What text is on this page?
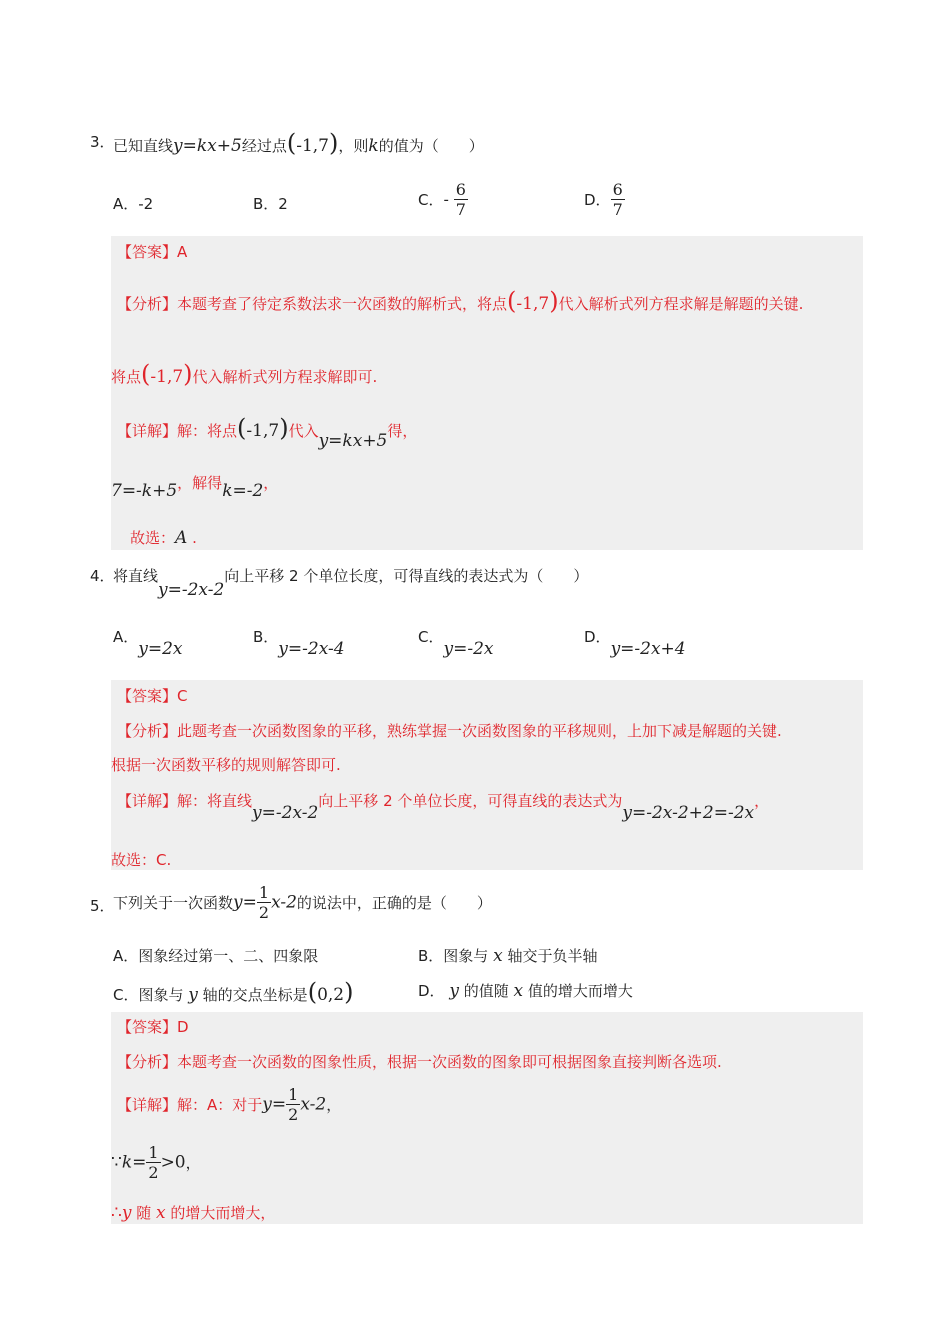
3．
已知直线y=kx+5经过点(-1,7)，则k的值为（　　）
A．-2	B．2	C．- $\frac{6}{7}$	D． $\frac{6}{7}$
【答案】A
【分析】本题考查了待定系数法求一次函数的解析式，将点(-1,7)代入解析式列方程求解是解题的关键.
将点(-1,7)代入解析式列方程求解即可.
【详解】解：将点(-1,7)代入y=kx+5得，
7=-k+5，解得k=-2，
故选：A .
4．
将直线y=-2x-2向上平移 2 个单位长度，可得直线的表达式为（　　）
A．y=2x
B．y=-2x-4
C．y=-2x
D．y=-2x+4
【答案】C
【分析】此题考查一次函数图象的平移，熟练掌握一次函数图象的平移规则，上加下减是解题的关键.
根据一次函数平移的规则解答即可.
【详解】解：将直线y=-2x-2向上平移 2 个单位长度，可得直线的表达式为y=-2x-2+2=-2x，
故选：C.
5．
下列关于一次函数$y= \frac{1}{2} x-2$的说法中，正确的是（　　）
A．图象经过第一、二、四象限	B．图象与 x 轴交于负半轴
C．图象与 y 轴的交点坐标是(0,2)	D． y 的值随 x 值的增大而增大
【答案】D
【分析】本题考查一次函数的图象性质，根据一次函数的图象即可根据图象直接判断各选项.
【详解】解：A：对于$y= \frac{1}{2} x-2$，
∵k= $\frac{1}{2} >0$，
∴y 随 x 的增大而增大，
